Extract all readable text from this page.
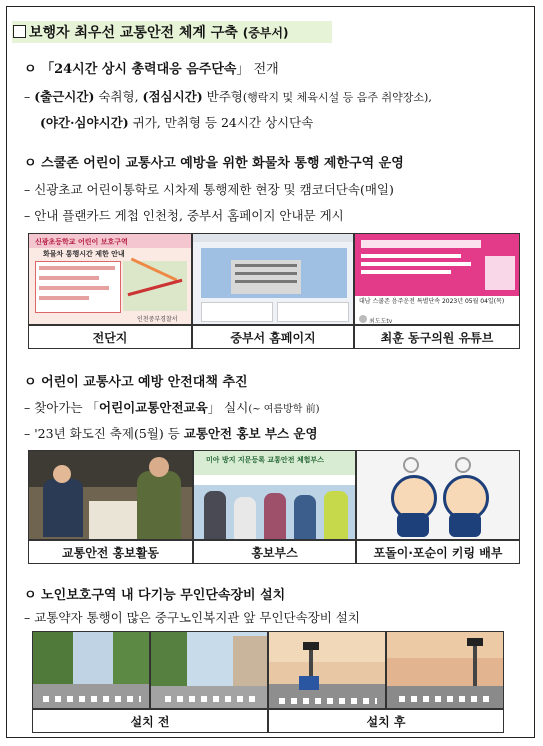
보행자 최우선 교통안전 체계 구축 (중부서)
ㅇ 「24시간 상시 총력대응 음주단속」 전개
– (출근시간) 숙취형, (점심시간) 반주형(행락지 및 체육시설 등 음주 취약장소),
(야간·심야시간) 귀가, 만취형 등 24시간 상시단속
ㅇ 스쿨존 어린이 교통사고 예방을 위한 화물차 통행 제한구역 운영
– 신광초교 어린이통학로 시차제 통행제한 현장 및 캠코더단속(매일)
– 안내 플랜카드 게첩 인천청, 중부서 홈페이지 안내문 게시
신광초등학교 어린이 보호구역
화물차 통행시간 제한 안내
인천중부경찰서
대남 스쿨존 음주운전 특별단속 2023년 05월 04일(목)
최도도tv
전단지	중부서 홈페이지	최훈 동구의원 유튜브
ㅇ 어린이 교통사고 예방 안전대책 추진
– 찾아가는 「어린이교통안전교육」 실시(~ 여름방학 前)
– '23년 화도진 축제(5월) 등 교통안전 홍보 부스 운영
미아 방지 지문등록 교통안전 체험부스
교통안전 홍보활동	홍보부스	포돌이·포순이 키링 배부
ㅇ 노인보호구역 내 다기능 무인단속장비 설치
– 교통약자 통행이 많은 중구노인복지관 앞 무인단속장비 설치
설치 전	설치 후
